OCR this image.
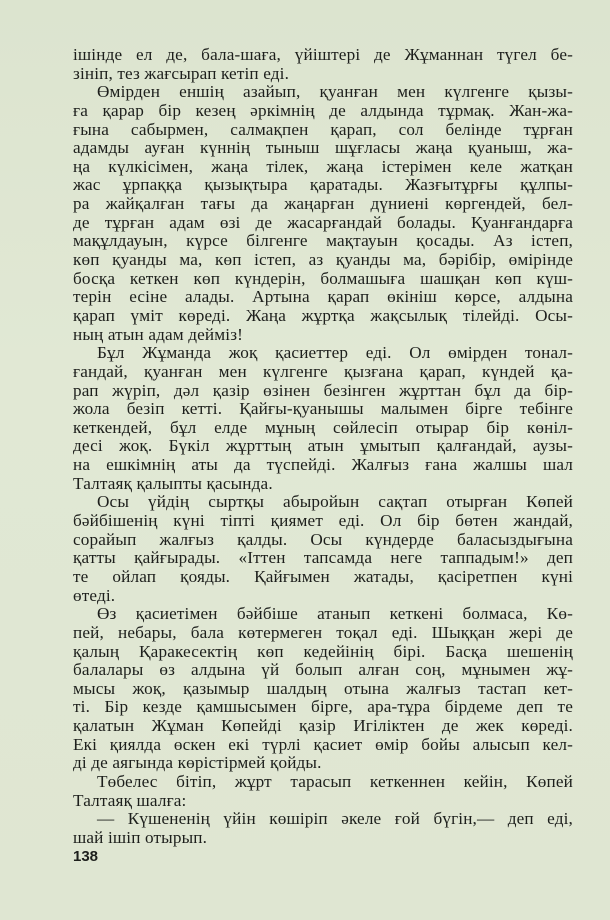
ішінде ел де, бала-шаға, үйіштері де Жұманнан түгел бе-
зініп, тез жағсырап кетіп еді.
Өмірден еншің азайып, қуанған мен күлгенге қызы-
ға қарар бір кезең әркімнің де алдында тұрмақ. Жан-жа-
ғына сабырмен, салмақпен қарап, сол белінде тұрған
адамды ауған күннің тыныш шұғласы жаңа қуаныш, жа-
ңа күлкісімен, жаңа тілек, жаңа істерімен келе жатқан
жас ұрпаққа қызықтыра қаратады. Жазғытұрғы құлпы-
ра жайқалған тағы да жаңарған дүниені көргендей, бел-
де тұрған адам өзі де жасарғандай болады. Қуанғандарға
мақұлдауын, күрсе білгенге мақтауын қосады. Аз істеп,
көп қуанды ма, көп істеп, аз қуанды ма, бәрібір, өмірінде
босқа кеткен көп күндерін, болмашыға шашқан көп күш-
терін есіне алады. Артына қарап өкініш көрсе, алдына
қарап үміт көреді. Жаңа жұртқа жақсылық тілейді. Осы-
ның атын адам дейміз!
Бұл Жұманда жоқ қасиеттер еді. Ол өмірден тонал-
ғандай, қуанған мен күлгенге қызғана қарап, күндей қа-
рап жүріп, дәл қазір өзінен безінген жұрттан бұл да бір-
жола безіп кетті. Қайғы-қуанышы малымен бірге тебінге
кеткендей, бұл елде мұның сөйлесіп отырар бір көніл-
десі жоқ. Бүкіл жұрттың атын ұмытып қалғандай, аузы-
на ешкімнің аты да түспейді. Жалғыз ғана жалшы шал
Талтаяқ қалыпты қасында.
Осы үйдің сыртқы абыройын сақтап отырған Көпей
бәйбішенің күні тіпті қиямет еді. Ол бір бөтен жандай,
сорайып жалғыз қалды. Осы күндерде баласыздығына
қатты қайғырады. «Іттен тапсамда неге таппадым!» деп
те ойлап қояды. Қайғымен жатады, қасіретпен күні
өтеді.
Өз қасиетімен бәйбіше атанып кеткені болмаса, Кө-
пей, небары, бала көтермеген тоқал еді. Шыққан жері де
қалың Қаракесектің көп кедейінің бірі. Басқа шешенің
балалары өз алдына үй болып алған соң, мұнымен жұ-
мысы жоқ, қазымыр шалдың отына жалғыз тастап кет-
ті. Бір кезде қамшысымен бірге, ара-тұра бірдеме деп те
қалатын Жұман Көпейді қазір Игіліктен де жек көреді.
Екі қиялда өскен екі түрлі қасиет өмір бойы алысып кел-
ді де аягында көрістірмей қойды.
Төбелес бітіп, жұрт тарасып кеткеннен кейін, Көпей
Талтаяқ шалға:
— Күшененің үйін көшіріп әкеле ғой бүгін,— деп еді,
шай ішіп отырып.
138
